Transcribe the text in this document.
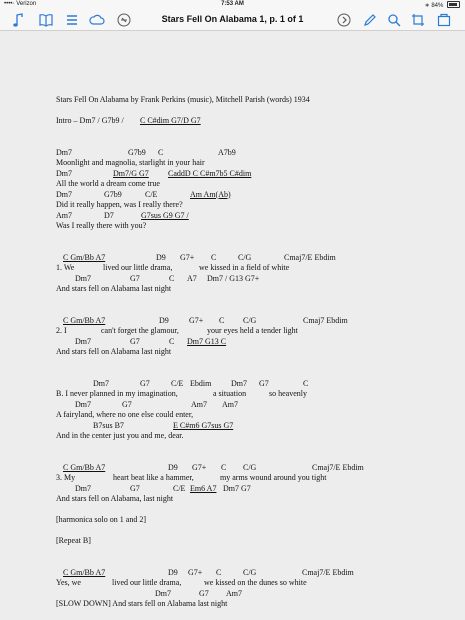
••••◦ Verizon	7:53 AM	∗ 84%
Stars Fell On Alabama 1, p. 1 of 1
Stars Fell On Alabama by Frank Perkins (music), Mitchell Parish (words) 1934
Intro – Dm7 / G7b9 / C C#dim G7/D G7
Dm7	G7b9 C	A7b9
Moonlight and magnolia, starlight in your hair
Dm7	Dm7/G G7 CaddD C C#m7b5 C#dim
All the world a dream come true
Dm7	G7b9	C/E	Am Am(Ab)
Did it really happen, was I really there?
Am7	D7	G7sus G9 G7 /
Was I really there with you?
C Gm/Bb A7	D9 G7+ C	C/G	Cmaj7/E Ebdim
1. We	lived our little drama,	we kissed in a field of white
Dm7	G7	C A7 Dm7 / G13 G7+
And stars fell on Alabama last night
C Gm/Bb A7	D9	G7+ C C/G	Cmaj7 Ebdim
2. I	can't forget the glamour,	your eyes held a tender light
Dm7	G7	C Dm7 G13 C
And stars fell on Alabama last night
Dm7	G7	C/E Ebdim Dm7 G7	C
B. I never planned in my imagination,	a situation	so heavenly
Dm7	G7	Am7 Am7
A fairyland, where no one else could enter,
B7sus B7	E C#m6 G7sus G7
And in the center just you and me, dear.
C Gm/Bb A7	D9 G7+ C C/G	Cmaj7/E Ebdim
3. My	heart beat like a hammer,	my arms wound around you tight
Dm7	G7	C/E Em6 A7 Dm7 G7
And stars fell on Alabama, last night
[harmonica solo on 1 and 2]
[Repeat B]
C Gm/Bb A7	D9 G7+ C	C/G	Cmaj7/E Ebdim
Yes, we	lived our little drama,	we kissed on the dunes so white
Dm7	G7 Am7
[SLOW DOWN] And stars fell on Alabama last night
